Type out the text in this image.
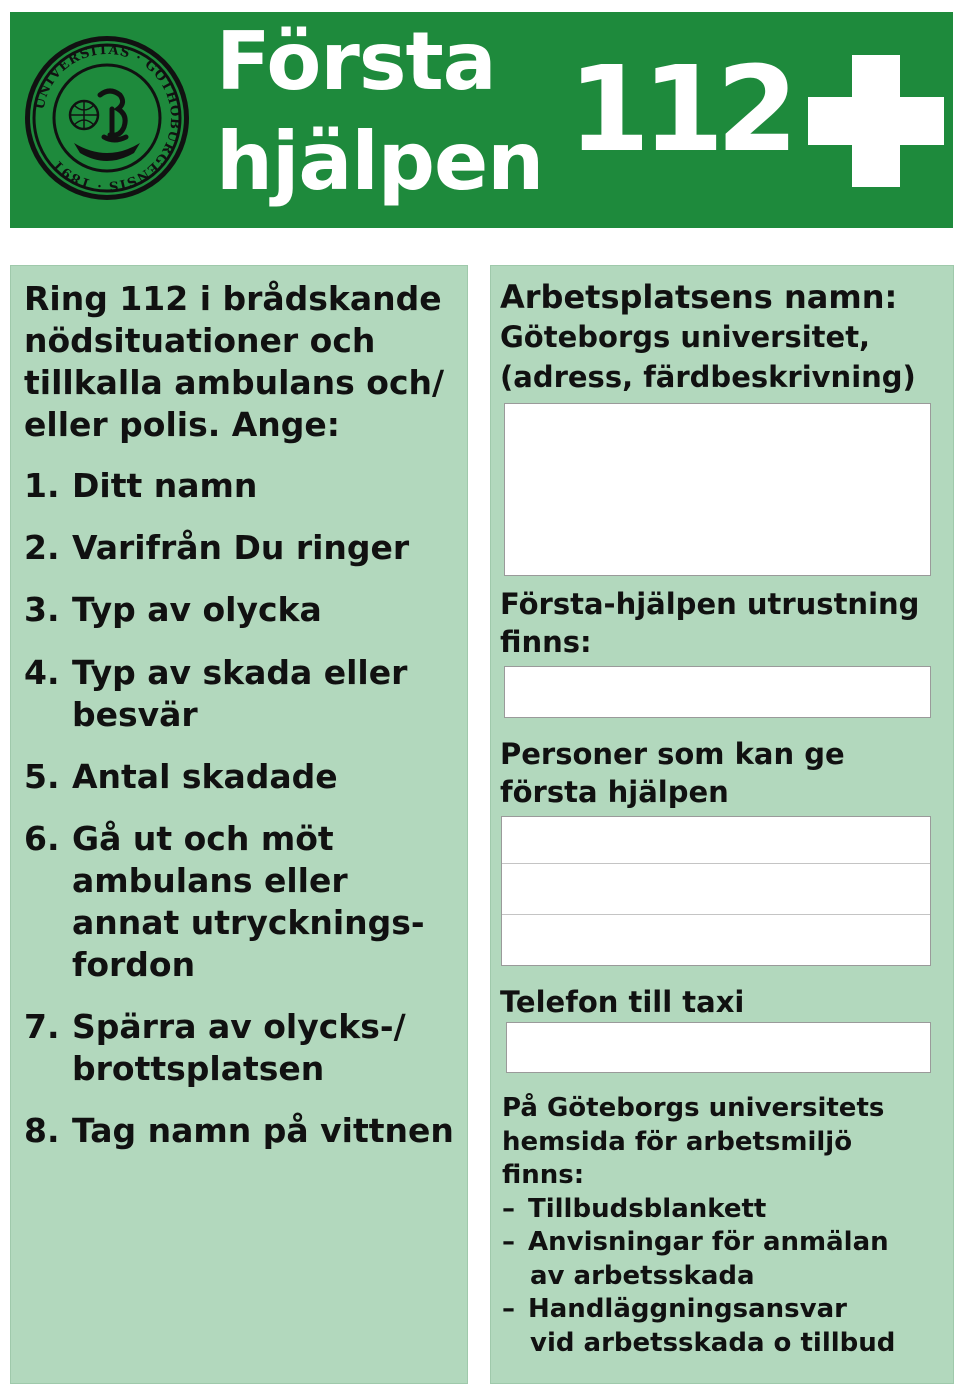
UNIVERSITAS · GOTHOBURGENSIS · 1891
Första
hjälpen 112
Ring 112 i brådskande
nödsituationer och
tillkalla ambulans och/
eller polis. Ange:
1. Ditt namn
2. Varifrån Du ringer
3. Typ av olycka
4. Typ av skada eller
besvär
5. Antal skadade
6. Gå ut och möt
ambulans eller
annat utrycknings-
fordon
7. Spärra av olycks-/
brottsplatsen
8. Tag namn på vittnen
Arbetsplatsens namn:
Göteborgs universitet,
(adress, färdbeskrivning)
Första-hjälpen utrustning
finns:
Personer som kan ge
första hjälpen
Telefon till taxi
På Göteborgs universitets
hemsida för arbetsmiljö
finns:
– Tillbudsblankett
– Anvisningar för anmälan
av arbetsskada
– Handläggningsansvar
vid arbetsskada o tillbud
